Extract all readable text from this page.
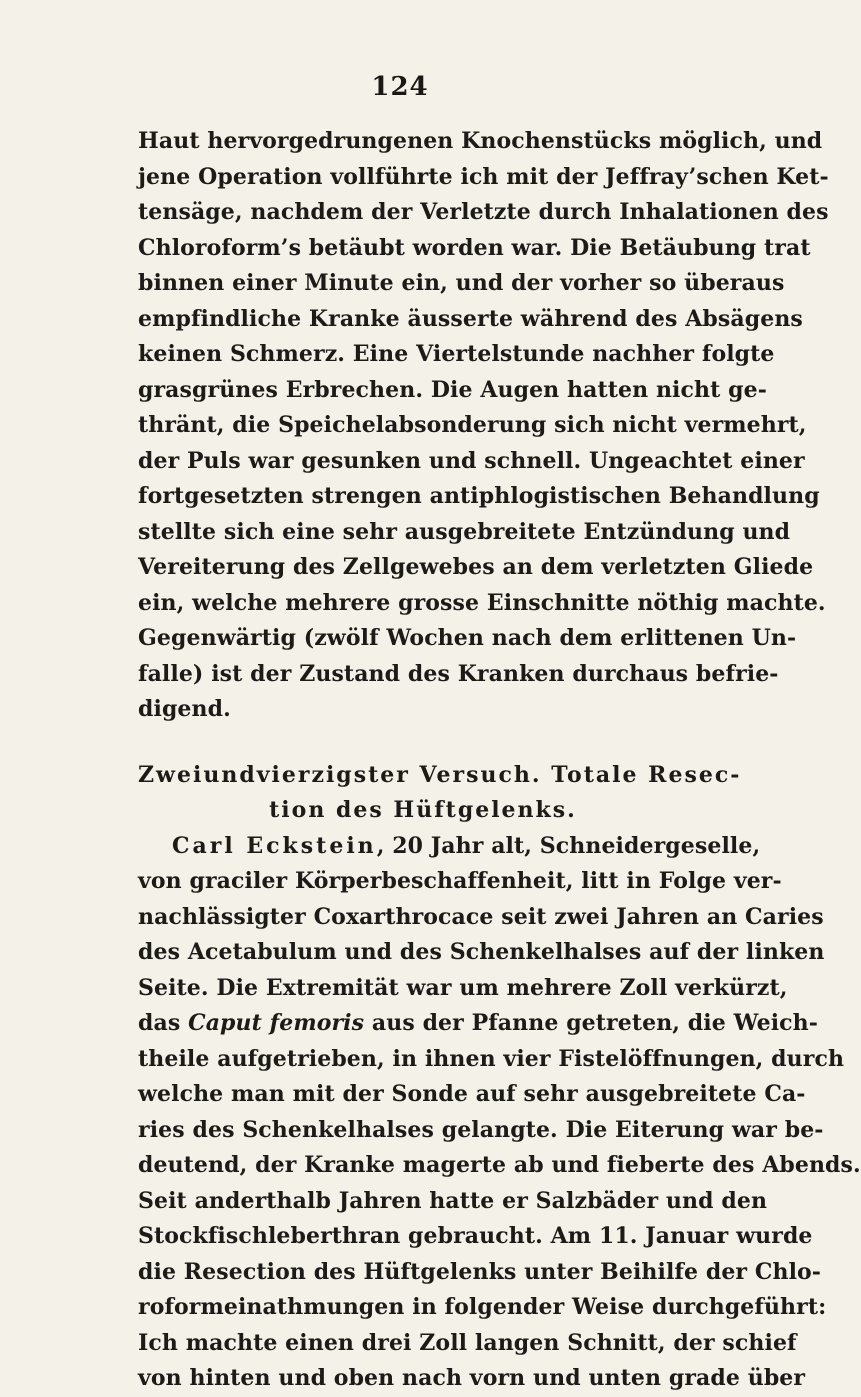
124
Haut hervorgedrungenen Knochenstücks möglich, und
jene Operation vollführte ich mit der Jeffray’schen Ket-
tensäge, nachdem der Verletzte durch Inhalationen des
Chloroform’s betäubt worden war. Die Betäubung trat
binnen einer Minute ein, und der vorher so überaus
empfindliche Kranke äusserte während des Absägens
keinen Schmerz. Eine Viertelstunde nachher folgte
grasgrünes Erbrechen. Die Augen hatten nicht ge-
thränt, die Speichelabsonderung sich nicht vermehrt,
der Puls war gesunken und schnell. Ungeachtet einer
fortgesetzten strengen antiphlogistischen Behandlung
stellte sich eine sehr ausgebreitete Entzündung und
Vereiterung des Zellgewebes an dem verletzten Gliede
ein, welche mehrere grosse Einschnitte nöthig machte.
Gegenwärtig (zwölf Wochen nach dem erlittenen Un-
falle) ist der Zustand des Kranken durchaus befrie-
digend.
Zweiundvierzigster Versuch. Totale Resec-
tion des Hüftgelenks.
Carl Eckstein, 20 Jahr alt, Schneidergeselle,
von graciler Körperbeschaffenheit, litt in Folge ver-
nachlässigter Coxarthrocace seit zwei Jahren an Caries
des Acetabulum und des Schenkelhalses auf der linken
Seite. Die Extremität war um mehrere Zoll verkürzt,
das Caput femoris aus der Pfanne getreten, die Weich-
theile aufgetrieben, in ihnen vier Fistelöffnungen, durch
welche man mit der Sonde auf sehr ausgebreitete Ca-
ries des Schenkelhalses gelangte. Die Eiterung war be-
deutend, der Kranke magerte ab und fieberte des Abends.
Seit anderthalb Jahren hatte er Salzbäder und den
Stockfischleberthran gebraucht. Am 11. Januar wurde
die Resection des Hüftgelenks unter Beihilfe der Chlo-
roformeinathmungen in folgender Weise durchgeführt:
Ich machte einen drei Zoll langen Schnitt, der schief
von hinten und oben nach vorn und unten grade über
